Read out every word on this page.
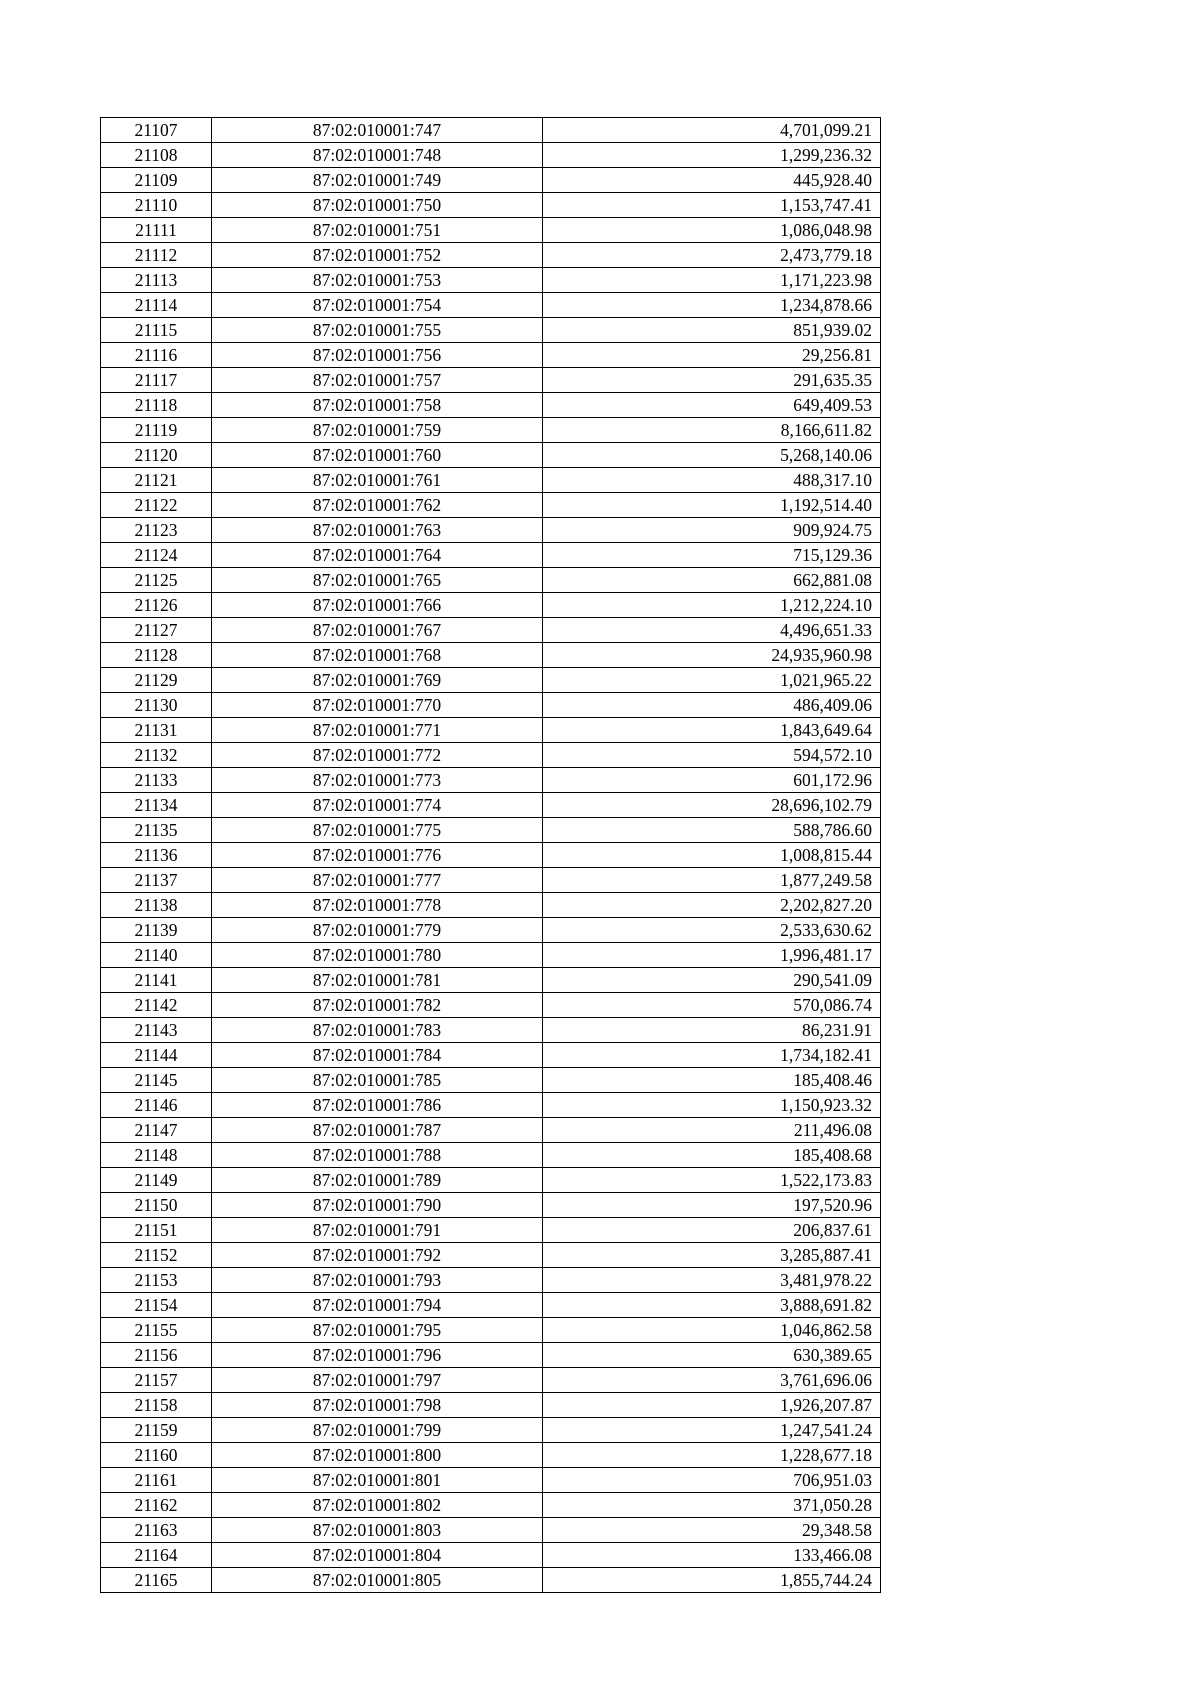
21107	87:02:010001:747	4,701,099.21
21108	87:02:010001:748	1,299,236.32
21109	87:02:010001:749	445,928.40
21110	87:02:010001:750	1,153,747.41
21111	87:02:010001:751	1,086,048.98
21112	87:02:010001:752	2,473,779.18
21113	87:02:010001:753	1,171,223.98
21114	87:02:010001:754	1,234,878.66
21115	87:02:010001:755	851,939.02
21116	87:02:010001:756	29,256.81
21117	87:02:010001:757	291,635.35
21118	87:02:010001:758	649,409.53
21119	87:02:010001:759	8,166,611.82
21120	87:02:010001:760	5,268,140.06
21121	87:02:010001:761	488,317.10
21122	87:02:010001:762	1,192,514.40
21123	87:02:010001:763	909,924.75
21124	87:02:010001:764	715,129.36
21125	87:02:010001:765	662,881.08
21126	87:02:010001:766	1,212,224.10
21127	87:02:010001:767	4,496,651.33
21128	87:02:010001:768	24,935,960.98
21129	87:02:010001:769	1,021,965.22
21130	87:02:010001:770	486,409.06
21131	87:02:010001:771	1,843,649.64
21132	87:02:010001:772	594,572.10
21133	87:02:010001:773	601,172.96
21134	87:02:010001:774	28,696,102.79
21135	87:02:010001:775	588,786.60
21136	87:02:010001:776	1,008,815.44
21137	87:02:010001:777	1,877,249.58
21138	87:02:010001:778	2,202,827.20
21139	87:02:010001:779	2,533,630.62
21140	87:02:010001:780	1,996,481.17
21141	87:02:010001:781	290,541.09
21142	87:02:010001:782	570,086.74
21143	87:02:010001:783	86,231.91
21144	87:02:010001:784	1,734,182.41
21145	87:02:010001:785	185,408.46
21146	87:02:010001:786	1,150,923.32
21147	87:02:010001:787	211,496.08
21148	87:02:010001:788	185,408.68
21149	87:02:010001:789	1,522,173.83
21150	87:02:010001:790	197,520.96
21151	87:02:010001:791	206,837.61
21152	87:02:010001:792	3,285,887.41
21153	87:02:010001:793	3,481,978.22
21154	87:02:010001:794	3,888,691.82
21155	87:02:010001:795	1,046,862.58
21156	87:02:010001:796	630,389.65
21157	87:02:010001:797	3,761,696.06
21158	87:02:010001:798	1,926,207.87
21159	87:02:010001:799	1,247,541.24
21160	87:02:010001:800	1,228,677.18
21161	87:02:010001:801	706,951.03
21162	87:02:010001:802	371,050.28
21163	87:02:010001:803	29,348.58
21164	87:02:010001:804	133,466.08
21165	87:02:010001:805	1,855,744.24
